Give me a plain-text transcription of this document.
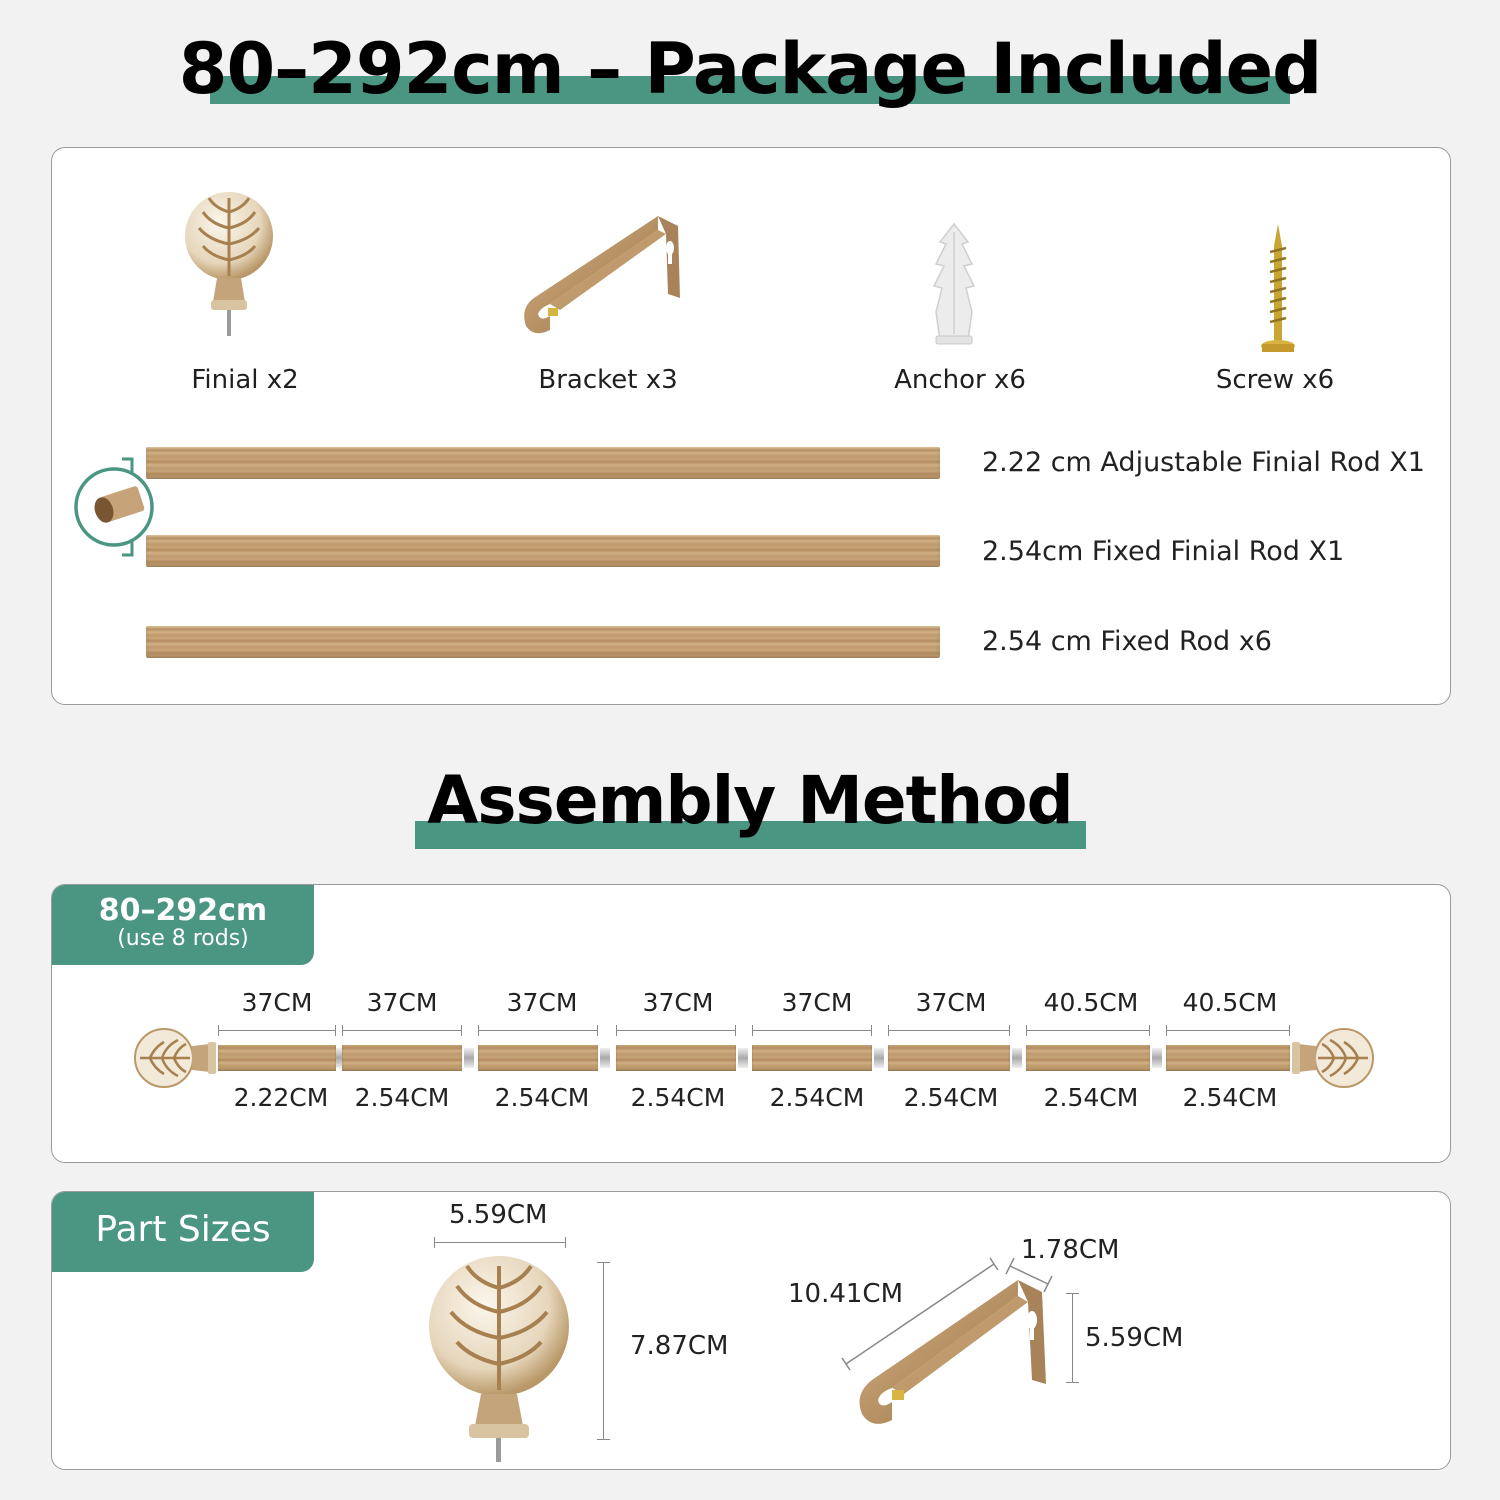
80–292cm – Package Included
Finial x2	Bracket x3	Anchor x6	Screw x6
2.22 cm Adjustable Finial Rod X1
2.54cm Fixed Finial Rod X1
2.54 cm Fixed Rod x6
Assembly Method
80–292cm
(use 8 rods)
37CM	37CM	37CM	37CM	37CM	37CM	40.5CM	40.5CM
2.22CM	2.54CM	2.54CM	2.54CM	2.54CM	2.54CM	2.54CM	2.54CM
Part Sizes	5.59CM
7.87CM
10.41CM
1.78CM
5.59CM
